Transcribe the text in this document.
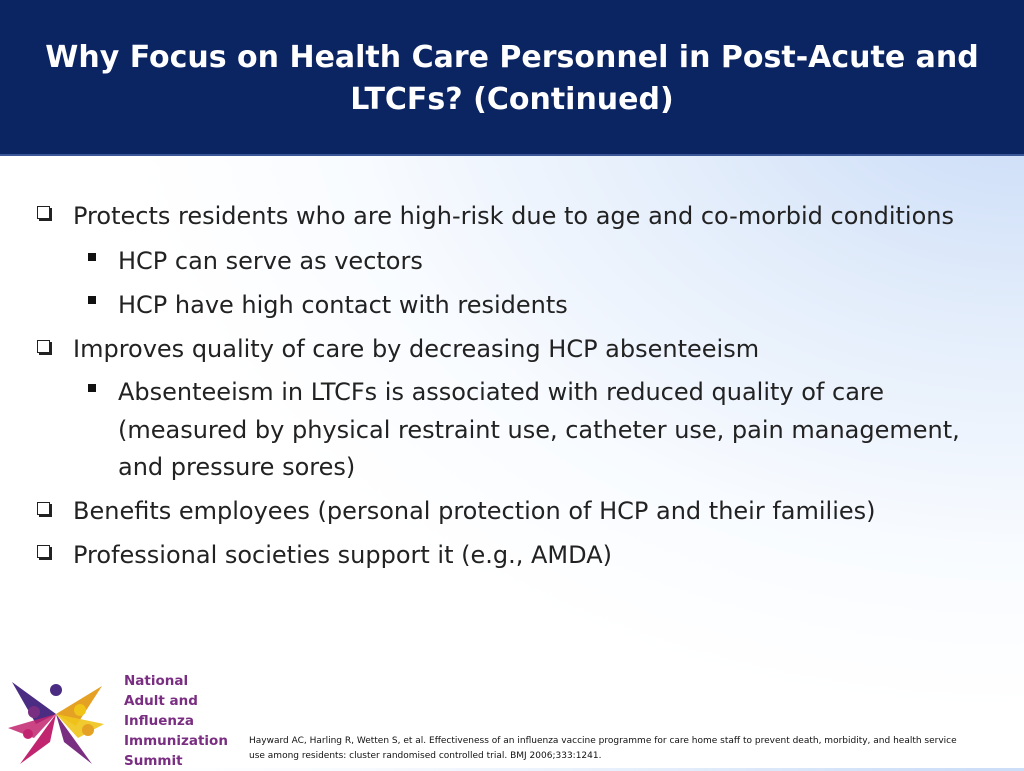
Why Focus on Health Care Personnel in Post-Acute and
LTCFs? (Continued)
Protects residents who are high-risk due to age and co-morbid conditions
HCP can serve as vectors
HCP have high contact with residents
Improves quality of care by decreasing HCP absenteeism
Absenteeism in LTCFs is associated with reduced quality of care
(measured by physical restraint use, catheter use, pain management,
and pressure sores)
Benefits employees (personal protection of HCP and their families)
Professional societies support it (e.g., AMDA)
National
Adult and
Influenza
Immunization
Summit
Hayward AC, Harling R, Wetten S, et al. Effectiveness of an influenza vaccine programme for care home staff to prevent death, morbidity, and health service
use among residents: cluster randomised controlled trial. BMJ 2006;333:1241.
